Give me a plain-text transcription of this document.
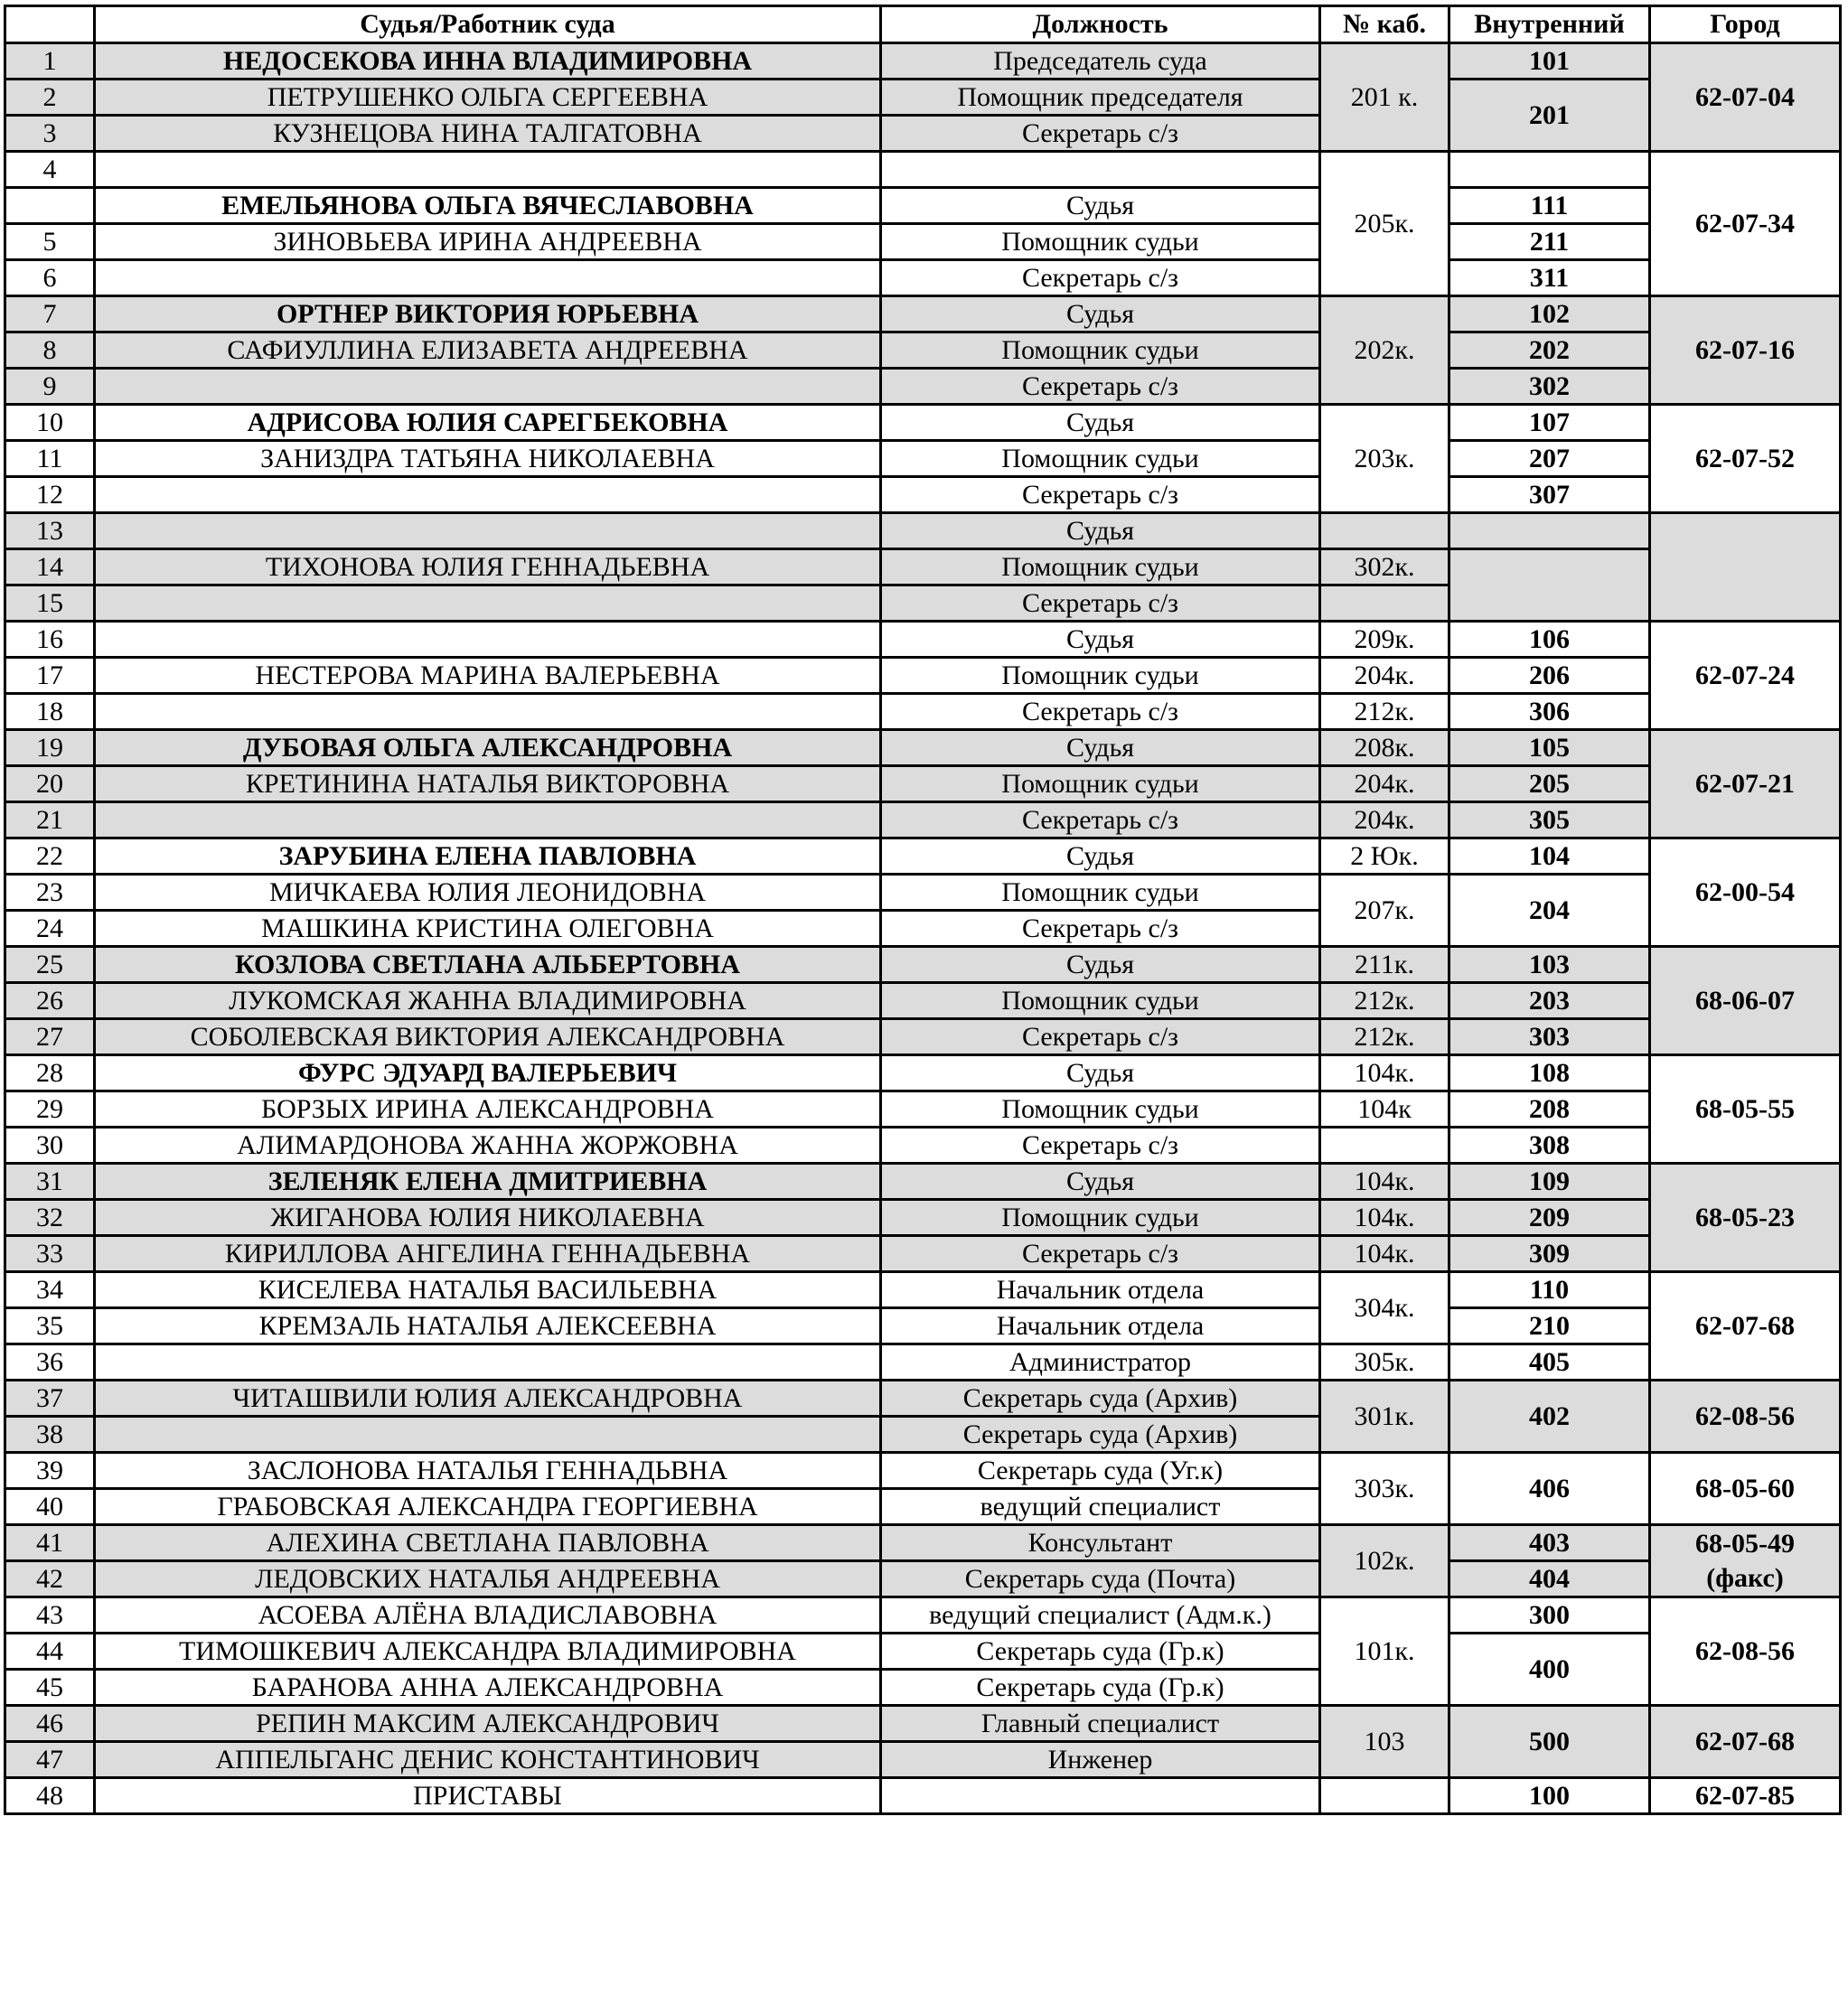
	Судья/Работник суда	Должность	№ каб.	Внутренний	Город
1	НЕДОСЕКОВА ИННА ВЛАДИМИРОВНА	Председатель суда	201 к.	101	62-07-04
2	ПЕТРУШЕНКО ОЛЬГА СЕРГЕЕВНА	Помощник председателя		201	
3	КУЗНЕЦОВА НИНА ТАЛГАТОВНА	Секретарь с/з			
4			205к.		62-07-34
	ЕМЕЛЬЯНОВА ОЛЬГА ВЯЧЕСЛАВОВНА	Судья		111	
5	ЗИНОВЬЕВА ИРИНА АНДРЕЕВНА	Помощник судьи		211	
6		Секретарь с/з		311	
7	ОРТНЕР ВИКТОРИЯ ЮРЬЕВНА	Судья	202к.	102	62-07-16
8	САФИУЛЛИНА ЕЛИЗАВЕТА АНДРЕЕВНА	Помощник судьи		202	
9		Секретарь с/з		302	
10	АДРИСОВА ЮЛИЯ САРЕГБЕКОВНА	Судья	203к.	107	62-07-52
11	ЗАНИЗДРА ТАТЬЯНА НИКОЛАЕВНА	Помощник судьи		207	
12		Секретарь с/з		307	
13		Судья			
14	ТИХОНОВА ЮЛИЯ ГЕННАДЬЕВНА	Помощник судьи	302к.		
15		Секретарь с/з			
16		Судья	209к.	106	62-07-24
17	НЕСТЕРОВА МАРИНА ВАЛЕРЬЕВНА	Помощник судьи	204к.	206	
18		Секретарь с/з	212к.	306	
19	ДУБОВАЯ ОЛЬГА АЛЕКСАНДРОВНА	Судья	208к.	105	62-07-21
20	КРЕТИНИНА НАТАЛЬЯ ВИКТОРОВНА	Помощник судьи	204к.	205	
21		Секретарь с/з	204к.	305	
22	ЗАРУБИНА ЕЛЕНА ПАВЛОВНА	Судья	2 Юк.	104	62-00-54
23	МИЧКАЕВА ЮЛИЯ ЛЕОНИДОВНА	Помощник судьи	207к.	204	
24	МАШКИНА КРИСТИНА ОЛЕГОВНА	Секретарь с/з			
25	КОЗЛОВА СВЕТЛАНА АЛЬБЕРТОВНА	Судья	211к.	103	68-06-07
26	ЛУКОМСКАЯ ЖАННА ВЛАДИМИРОВНА	Помощник судьи	212к.	203	
27	СОБОЛЕВСКАЯ ВИКТОРИЯ АЛЕКСАНДРОВНА	Секретарь с/з	212к.	303	
28	ФУРС ЭДУАРД ВАЛЕРЬЕВИЧ	Судья	104к.	108	68-05-55
29	БОРЗЫХ ИРИНА АЛЕКСАНДРОВНА	Помощник судьи	104к	208	
30	АЛИМАРДОНОВА ЖАННА ЖОРЖОВНА	Секретарь с/з		308	
31	ЗЕЛЕНЯК ЕЛЕНА ДМИТРИЕВНА	Судья	104к.	109	68-05-23
32	ЖИГАНОВА ЮЛИЯ НИКОЛАЕВНА	Помощник судьи	104к.	209	
33	КИРИЛЛОВА АНГЕЛИНА ГЕННАДЬЕВНА	Секретарь с/з	104к.	309	
34	КИСЕЛЕВА НАТАЛЬЯ ВАСИЛЬЕВНА	Начальник отдела	304к.	110	62-07-68
35	КРЕМЗАЛЬ НАТАЛЬЯ АЛЕКСЕЕВНА	Начальник отдела		210	
36		Администратор	305к.	405	
37	ЧИТАШВИЛИ ЮЛИЯ АЛЕКСАНДРОВНА	Секретарь суда (Архив)	301к.	402	62-08-56
38		Секретарь суда (Архив)			
39	ЗАСЛОНОВА НАТАЛЬЯ ГЕННАДЬВНА	Секретарь суда (Уг.к)	303к.	406	68-05-60
40	ГРАБОВСКАЯ АЛЕКСАНДРА ГЕОРГИЕВНА	ведущий специалист			
41	АЛЕХИНА СВЕТЛАНА ПАВЛОВНА	Консультант	102к.	403	68-05-49 (факс)
42	ЛЕДОВСКИХ НАТАЛЬЯ АНДРЕЕВНА	Секретарь суда (Почта)		404	
43	АСОЕВА АЛЁНА ВЛАДИСЛАВОВНА	ведущий специалист (Адм.к.)	101к.	300	62-08-56
44	ТИМОШКЕВИЧ АЛЕКСАНДРА ВЛАДИМИРОВНА	Секретарь суда (Гр.к)		400	
45	БАРАНОВА АННА АЛЕКСАНДРОВНА	Секретарь суда (Гр.к)			
46	РЕПИН МАКСИМ АЛЕКСАНДРОВИЧ	Главный специалист	103	500	62-07-68
47	АППЕЛЬГАНС ДЕНИС КОНСТАНТИНОВИЧ	Инженер			
48	ПРИСТАВЫ			100	62-07-85
